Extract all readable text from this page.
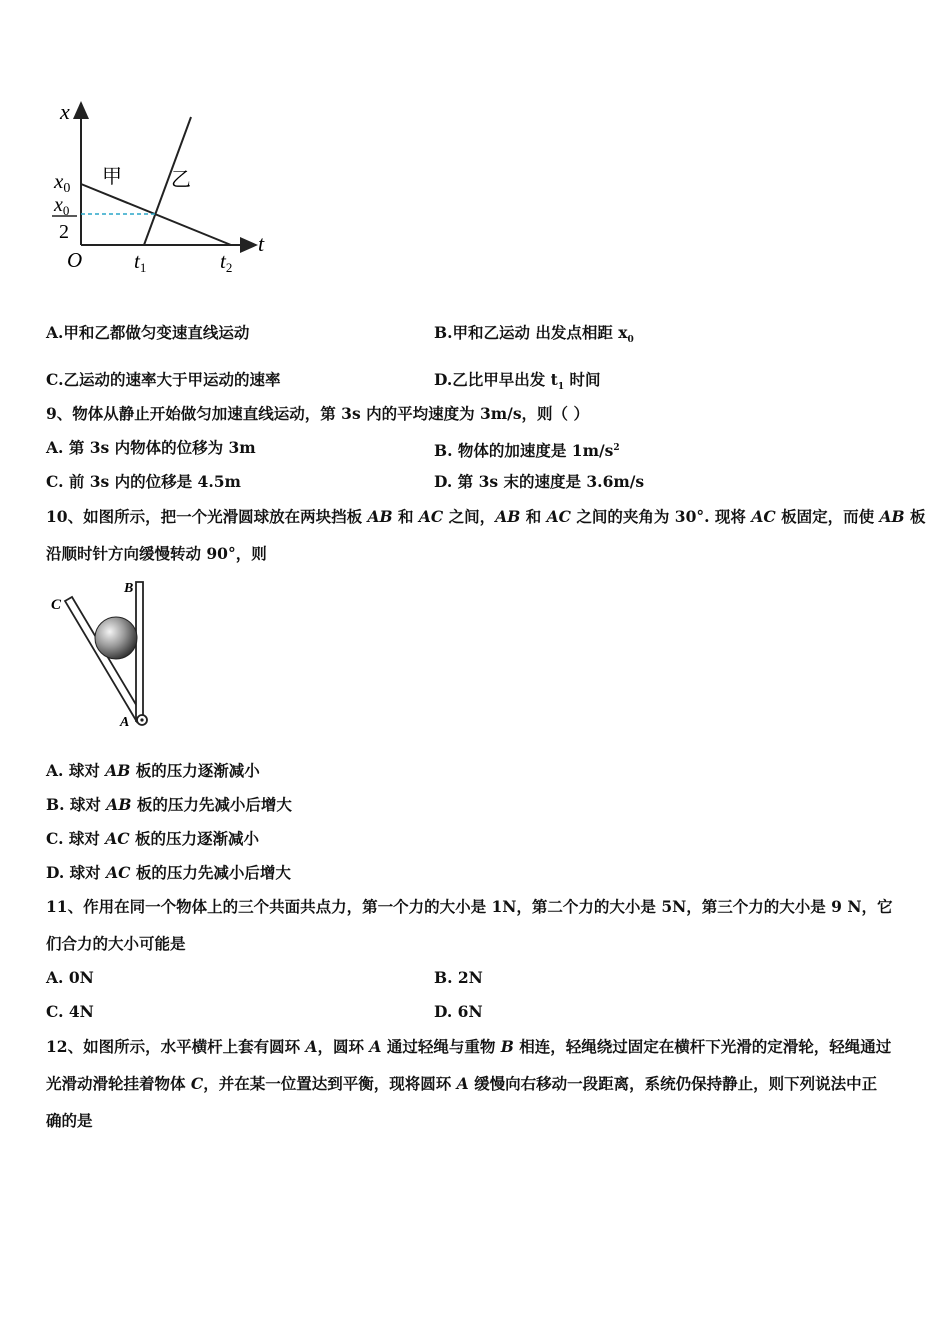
x
t
O
x0
$x_0$
2
t1	t2
甲 乙
A.甲和乙都做匀变速直线运动	B.甲和乙运动 出发点相距 $x_0$
C.乙运动的速率大于甲运动的速率	D.乙比甲早出发 $t_1$ 时间
9、物体从静止开始做匀加速直线运动，第 3s 内的平均速度为 3m/s，则（ ）
A. 第 3s 内物体的位移为 3m	B. 物体的加速度是 $1m/s^2$
C. 前 3s 内的位移是 4.5m	D. 第 3s 末的速度是 3.6m/s
10、如图所示，把一个光滑圆球放在两块挡板 AB 和 AC 之间，AB 和 AC 之间的夹角为 30°. 现将 AC 板固定，而使 AB 板
沿顺时针方向缓慢转动 90°，则
C
B
A
A. 球对 AB 板的压力逐渐减小
B. 球对 AB 板的压力先减小后增大
C. 球对 AC 板的压力逐渐减小
D. 球对 AC 板的压力先减小后增大
11、作用在同一个物体上的三个共面共点力，第一个力的大小是 1N，第二个力的大小是 5N，第三个力的大小是 9 N，它
们合力的大小可能是
A. 0N	B. 2N
C. 4N	D. 6N
12、如图所示，水平横杆上套有圆环 A，圆环 A 通过轻绳与重物 B 相连，轻绳绕过固定在横杆下光滑的定滑轮，轻绳通过
光滑动滑轮挂着物体 C，并在某一位置达到平衡，现将圆环 A 缓慢向右移动一段距离，系统仍保持静止，则下列说法中正
确的是
